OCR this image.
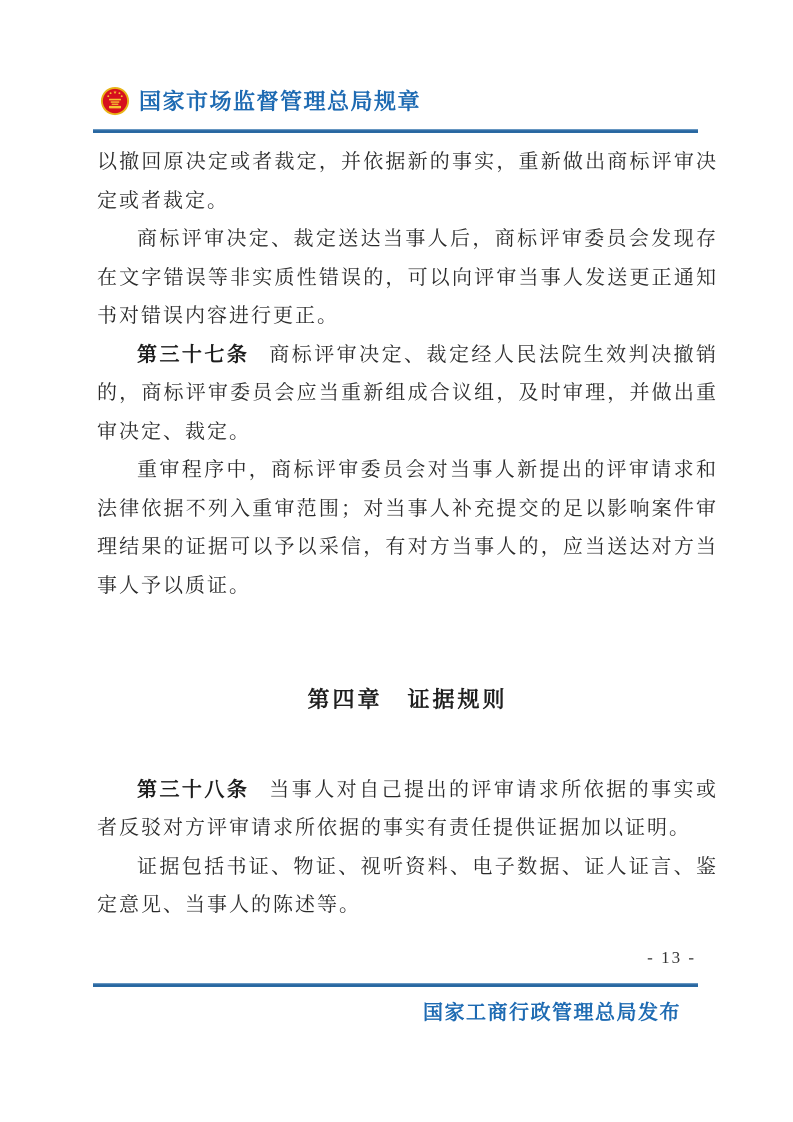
国家市场监督管理总局规章

以撤回原决定或者裁定，并依据新的事实，重新做出商标评审决定或者裁定。

商标评审决定、裁定送达当事人后，商标评审委员会发现存在文字错误等非实质性错误的，可以向评审当事人发送更正通知书对错误内容进行更正。

第三十七条 商标评审决定、裁定经人民法院生效判决撤销的，商标评审委员会应当重新组成合议组，及时审理，并做出重审决定、裁定。

重审程序中，商标评审委员会对当事人新提出的评审请求和法律依据不列入重审范围；对当事人补充提交的足以影响案件审理结果的证据可以予以采信，有对方当事人的，应当送达对方当事人予以质证。

第四章　证据规则

第三十八条 当事人对自己提出的评审请求所依据的事实或者反驳对方评审请求所依据的事实有责任提供证据加以证明。

证据包括书证、物证、视听资料、电子数据、证人证言、鉴定意见、当事人的陈述等。

- 13 -
国家工商行政管理总局发布
